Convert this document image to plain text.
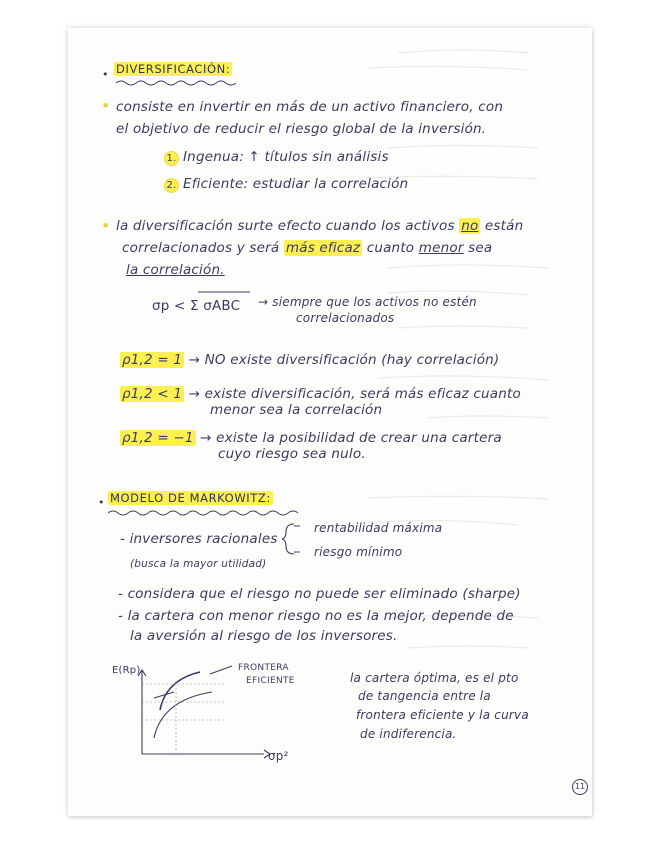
• DIVERSIFICACIÓN:
• consiste en invertir en más de un activo financiero, con
el objetivo de reducir el riesgo global de la inversión.
1. Ingenua: ↑ títulos sin análisis
2. Eficiente: estudiar la correlación
• la diversificación surte efecto cuando los activos no están
correlacionados y será más eficaz cuanto menor sea
la correlación.
σp < Σ σABC → siempre que los activos no estén
correlacionados
ρ1,2 = 1 → NO existe diversificación (hay correlación)
ρ1,2 < 1 → existe diversificación, será más eficaz cuanto
menor sea la correlación
ρ1,2 = −1 → existe la posibilidad de crear una cartera
cuyo riesgo sea nulo.
• MODELO DE MARKOWITZ:
- inversores racionales
rentabilidad máxima
riesgo mínimo
(busca la mayor utilidad)
- considera que el riesgo no puede ser eliminado (sharpe)
- la cartera con menor riesgo no es la mejor, depende de
la aversión al riesgo de los inversores.
E(Rp)	FRONTERA
EFICIENTE
σp²
la cartera óptima, es el pto
de tangencia entre la
frontera eficiente y la curva
de indiferencia.
11
